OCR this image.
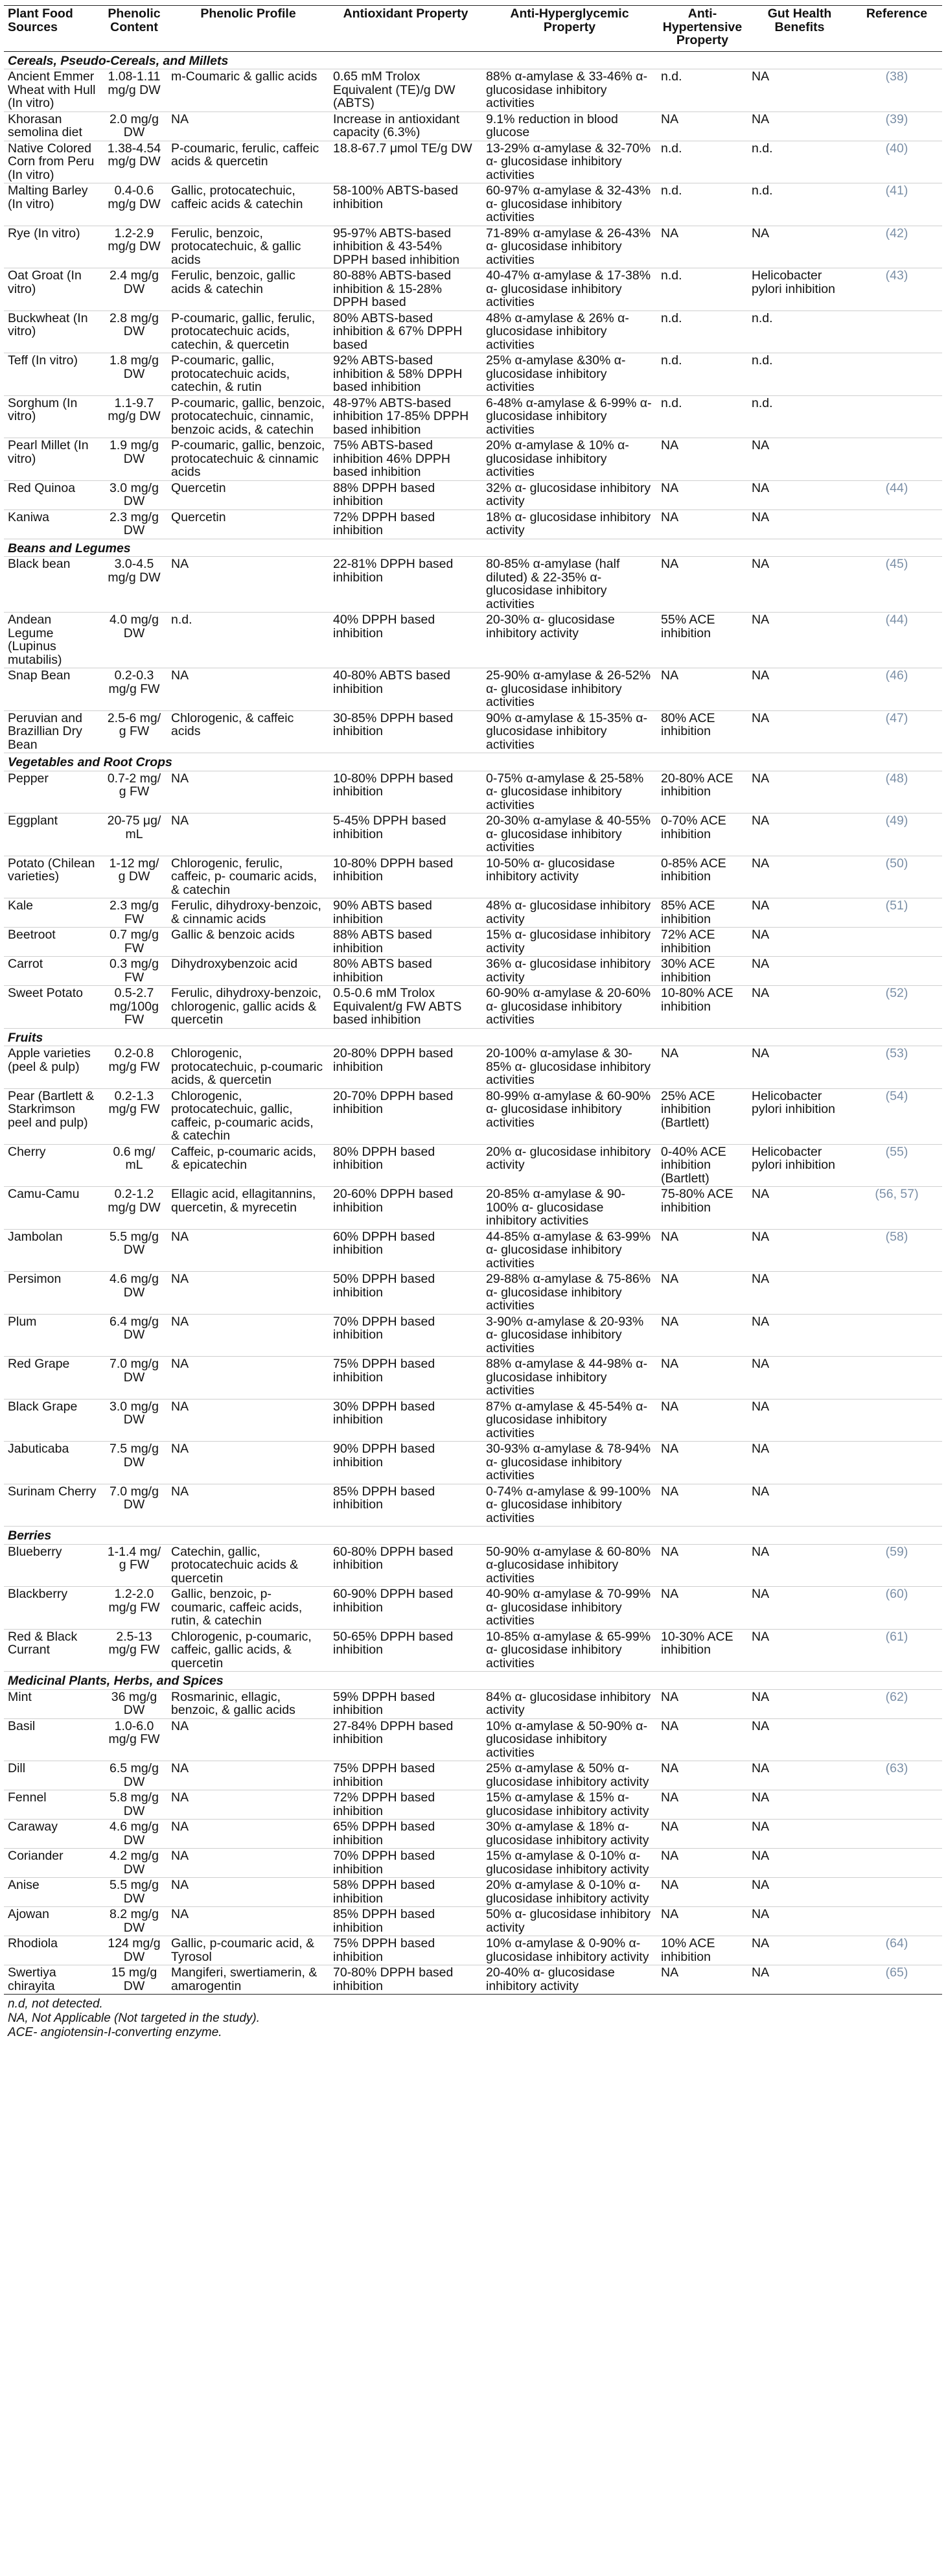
Plant Food Sources	Phenolic Content	Phenolic Profile	Antioxidant Property	Anti-Hyperglycemic Property	Anti-Hypertensive Property	Gut Health Benefits	Reference
Cereals, Pseudo-Cereals, and Millets							
Ancient Emmer Wheat with Hull (In vitro)	1.08-1.11 mg/g DW	m-Coumaric & gallic acids	0.65 mM Trolox Equivalent (TE)/g DW (ABTS)	88% α-amylase & 33-46% α-glucosidase inhibitory activities	n.d.	NA	(38)
Khorasan semolina diet	2.0 mg/g DW	NA	Increase in antioxidant capacity (6.3%)	9.1% reduction in blood glucose	NA	NA	(39)
Native Colored Corn from Peru (In vitro)	1.38-4.54 mg/g DW	P-coumaric, ferulic, caffeic acids & quercetin	18.8-67.7 μmol TE/g DW	13-29% α-amylase & 32-70% α- glucosidase inhibitory activities	n.d.	n.d.	(40)
Malting Barley (In vitro)	0.4-0.6 mg/g DW	Gallic, protocatechuic, caffeic acids & catechin	58-100% ABTS-based inhibition	60-97% α-amylase & 32-43% α- glucosidase inhibitory activities	n.d.	n.d.	(41)
Rye (In vitro)	1.2-2.9 mg/g DW	Ferulic, benzoic, protocatechuic, & gallic acids	95-97% ABTS-based inhibition & 43-54% DPPH based inhibition	71-89% α-amylase & 26-43% α- glucosidase inhibitory activities	NA	NA	(42)
Oat Groat (In vitro)	2.4 mg/g DW	Ferulic, benzoic, gallic acids & catechin	80-88% ABTS-based inhibition & 15-28% DPPH based	40-47% α-amylase & 17-38% α- glucosidase inhibitory activities	n.d.	Helicobacter pylori inhibition	(43)
Buckwheat (In vitro)	2.8 mg/g DW	P-coumaric, gallic, ferulic, protocatechuic acids, catechin, & quercetin	80% ABTS-based inhibition & 67% DPPH based	48% α-amylase & 26% α- glucosidase inhibitory activities	n.d.	n.d.	
Teff (In vitro)	1.8 mg/g DW	P-coumaric, gallic, protocatechuic acids, catechin, & rutin	92% ABTS-based inhibition & 58% DPPH based inhibition	25% α-amylase &30% α- glucosidase inhibitory activities	n.d.	n.d.	
Sorghum (In vitro)	1.1-9.7 mg/g DW	P-coumaric, gallic, benzoic, protocatechuic, cinnamic, benzoic acids, & catechin	48-97% ABTS-based inhibition 17-85% DPPH based inhibition	6-48% α-amylase & 6-99% α- glucosidase inhibitory activities	n.d.	n.d.	
Pearl Millet (In vitro)	1.9 mg/g DW	P-coumaric, gallic, benzoic, protocatechuic & cinnamic acids	75% ABTS-based inhibition 46% DPPH based inhibition	20% α-amylase & 10% α- glucosidase inhibitory activities	NA	NA	
Red Quinoa	3.0 mg/g DW	Quercetin	88% DPPH based inhibition	32% α- glucosidase inhibitory activity	NA	NA	(44)
Kaniwa	2.3 mg/g DW	Quercetin	72% DPPH based inhibition	18% α- glucosidase inhibitory activity	NA	NA	
Beans and Legumes							
Black bean	3.0-4.5 mg/g DW	NA	22-81% DPPH based inhibition	80-85% α-amylase (half diluted) & 22-35% α- glucosidase inhibitory activities	NA	NA	(45)
Andean Legume (Lupinus mutabilis)	4.0 mg/g DW	n.d.	40% DPPH based inhibition	20-30% α- glucosidase inhibitory activity	55% ACE inhibition	NA	(44)
Snap Bean	0.2-0.3 mg/g FW	NA	40-80% ABTS based inhibition	25-90% α-amylase & 26-52% α- glucosidase inhibitory activities	NA	NA	(46)
Peruvian and Brazillian Dry Bean	2.5-6 mg/ g FW	Chlorogenic, & caffeic acids	30-85% DPPH based inhibition	90% α-amylase & 15-35% α- glucosidase inhibitory activities	80% ACE inhibition	NA	(47)
Vegetables and Root Crops							
Pepper	0.7-2 mg/ g FW	NA	10-80% DPPH based inhibition	0-75% α-amylase & 25-58% α- glucosidase inhibitory activities	20-80% ACE inhibition	NA	(48)
Eggplant	20-75 μg/ mL	NA	5-45% DPPH based inhibition	20-30% α-amylase & 40-55% α- glucosidase inhibitory activities	0-70% ACE inhibition	NA	(49)
Potato (Chilean varieties)	1-12 mg/ g DW	Chlorogenic, ferulic, caffeic, p- coumaric acids, & catechin	10-80% DPPH based inhibition	10-50% α- glucosidase inhibitory activity	0-85% ACE inhibition	NA	(50)
Kale	2.3 mg/g FW	Ferulic, dihydroxy-benzoic, & cinnamic acids	90% ABTS based inhibition	48% α- glucosidase inhibitory activity	85% ACE inhibition	NA	(51)
Beetroot	0.7 mg/g FW	Gallic & benzoic acids	88% ABTS based inhibition	15% α- glucosidase inhibitory activity	72% ACE inhibition	NA	
Carrot	0.3 mg/g FW	Dihydroxybenzoic acid	80% ABTS based inhibition	36% α- glucosidase inhibitory activity	30% ACE inhibition	NA	
Sweet Potato	0.5-2.7 mg/100g FW	Ferulic, dihydroxy-benzoic, chlorogenic, gallic acids & quercetin	0.5-0.6 mM Trolox Equivalent/g FW ABTS based inhibition	60-90% α-amylase & 20-60% α- glucosidase inhibitory activities	10-80% ACE inhibition	NA	(52)
Fruits							
Apple varieties (peel & pulp)	0.2-0.8 mg/g FW	Chlorogenic, protocatechuic, p-coumaric acids, & quercetin	20-80% DPPH based inhibition	20-100% α-amylase & 30- 85% α- glucosidase inhibitory activities	NA	NA	(53)
Pear (Bartlett & Starkrimson peel and pulp)	0.2-1.3 mg/g FW	Chlorogenic, protocatechuic, gallic, caffeic, p-coumaric acids, & catechin	20-70% DPPH based inhibition	80-99% α-amylase & 60-90% α- glucosidase inhibitory activities	25% ACE inhibition (Bartlett)	Helicobacter pylori inhibition	(54)
Cherry	0.6 mg/ mL	Caffeic, p-coumaric acids, & epicatechin	80% DPPH based inhibition	20% α- glucosidase inhibitory activity	0-40% ACE inhibition (Bartlett)	Helicobacter pylori inhibition	(55)
Camu-Camu	0.2-1.2 mg/g DW	Ellagic acid, ellagitannins, quercetin, & myrecetin	20-60% DPPH based inhibition	20-85% α-amylase & 90- 100% α- glucosidase inhibitory activities	75-80% ACE inhibition	NA	(56, 57)
Jambolan	5.5 mg/g DW	NA	60% DPPH based inhibition	44-85% α-amylase & 63-99% α- glucosidase inhibitory activities	NA	NA	(58)
Persimon	4.6 mg/g DW	NA	50% DPPH based inhibition	29-88% α-amylase & 75-86% α- glucosidase inhibitory activities	NA	NA	
Plum	6.4 mg/g DW	NA	70% DPPH based inhibition	3-90% α-amylase & 20-93% α- glucosidase inhibitory activities	NA	NA	
Red Grape	7.0 mg/g DW	NA	75% DPPH based inhibition	88% α-amylase & 44-98% α- glucosidase inhibitory activities	NA	NA	
Black Grape	3.0 mg/g DW	NA	30% DPPH based inhibition	87% α-amylase & 45-54% α- glucosidase inhibitory activities	NA	NA	
Jabuticaba	7.5 mg/g DW	NA	90% DPPH based inhibition	30-93% α-amylase & 78-94% α- glucosidase inhibitory activities	NA	NA	
Surinam Cherry	7.0 mg/g DW	NA	85% DPPH based inhibition	0-74% α-amylase & 99-100% α- glucosidase inhibitory activities	NA	NA	
Berries							
Blueberry	1-1.4 mg/ g FW	Catechin, gallic, protocatechuic acids & quercetin	60-80% DPPH based inhibition	50-90% α-amylase & 60-80% α-glucosidase inhibitory activities	NA	NA	(59)
Blackberry	1.2-2.0 mg/g FW	Gallic, benzoic, p-coumaric, caffeic acids, rutin, & catechin	60-90% DPPH based inhibition	40-90% α-amylase & 70-99% α- glucosidase inhibitory activities	NA	NA	(60)
Red & Black Currant	2.5-13 mg/g FW	Chlorogenic, p-coumaric, caffeic, gallic acids, & quercetin	50-65% DPPH based inhibition	10-85% α-amylase & 65-99% α- glucosidase inhibitory activities	10-30% ACE inhibition	NA	(61)
Medicinal Plants, Herbs, and Spices							
Mint	36 mg/g DW	Rosmarinic, ellagic, benzoic, & gallic acids	59% DPPH based inhibition	84% α- glucosidase inhibitory activity	NA	NA	(62)
Basil	1.0-6.0 mg/g FW	NA	27-84% DPPH based inhibition	10% α-amylase & 50-90% α- glucosidase inhibitory activities	NA	NA	
Dill	6.5 mg/g DW	NA	75% DPPH based inhibition	25% α-amylase & 50% α- glucosidase inhibitory activity	NA	NA	(63)
Fennel	5.8 mg/g DW	NA	72% DPPH based inhibition	15% α-amylase & 15% α- glucosidase inhibitory activity	NA	NA	
Caraway	4.6 mg/g DW	NA	65% DPPH based inhibition	30% α-amylase & 18% α- glucosidase inhibitory activity	NA	NA	
Coriander	4.2 mg/g DW	NA	70% DPPH based inhibition	15% α-amylase & 0-10% α- glucosidase inhibitory activity	NA	NA	
Anise	5.5 mg/g DW	NA	58% DPPH based inhibition	20% α-amylase & 0-10% α- glucosidase inhibitory activity	NA	NA	
Ajowan	8.2 mg/g DW	NA	85% DPPH based inhibition	50% α- glucosidase inhibitory activity	NA	NA	
Rhodiola	124 mg/g DW	Gallic, p-coumaric acid, & Tyrosol	75% DPPH based inhibition	10% α-amylase & 0-90% α- glucosidase inhibitory activity	10% ACE inhibition	NA	(64)
Swertiya chirayita	15 mg/g DW	Mangiferi, swertiamerin, & amarogentin	70-80% DPPH based inhibition	20-40% α- glucosidase inhibitory activity	NA	NA	(65)
n.d, not detected.
NA, Not Applicable (Not targeted in the study).
ACE- angiotensin-I-converting enzyme.
